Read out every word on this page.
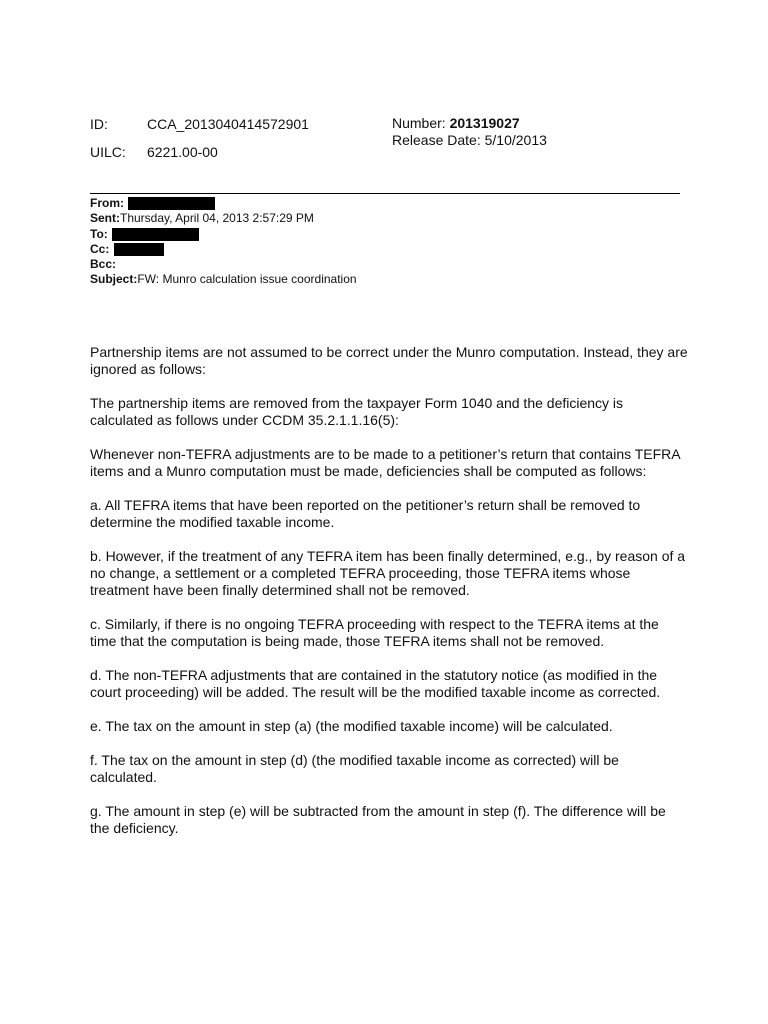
ID:	CCA_2013040414572901
UILC:	6221.00-00
Number: 201319027
Release Date: 5/10/2013
From:
Sent: Thursday, April 04, 2013 2:57:29 PM
To:
Cc:
Bcc:
Subject: FW: Munro calculation issue coordination

Partnership items are not assumed to be correct under the Munro computation. Instead, they are ignored as follows:

The partnership items are removed from the taxpayer Form 1040 and the deficiency is calculated as follows under CCDM 35.2.1.1.16(5):

Whenever non-TEFRA adjustments are to be made to a petitioner’s return that contains TEFRA items and a Munro computation must be made, deficiencies shall be computed as follows:

a. All TEFRA items that have been reported on the petitioner’s return shall be removed to determine the modified taxable income.

b. However, if the treatment of any TEFRA item has been finally determined, e.g., by reason of a no change, a settlement or a completed TEFRA proceeding, those TEFRA items whose treatment have been finally determined shall not be removed.

c. Similarly, if there is no ongoing TEFRA proceeding with respect to the TEFRA items at the time that the computation is being made, those TEFRA items shall not be removed.

d. The non-TEFRA adjustments that are contained in the statutory notice (as modified in the court proceeding) will be added. The result will be the modified taxable income as corrected.

e. The tax on the amount in step (a) (the modified taxable income) will be calculated.

f. The tax on the amount in step (d) (the modified taxable income as corrected) will be calculated.

g. The amount in step (e) will be subtracted from the amount in step (f). The difference will be the deficiency.
